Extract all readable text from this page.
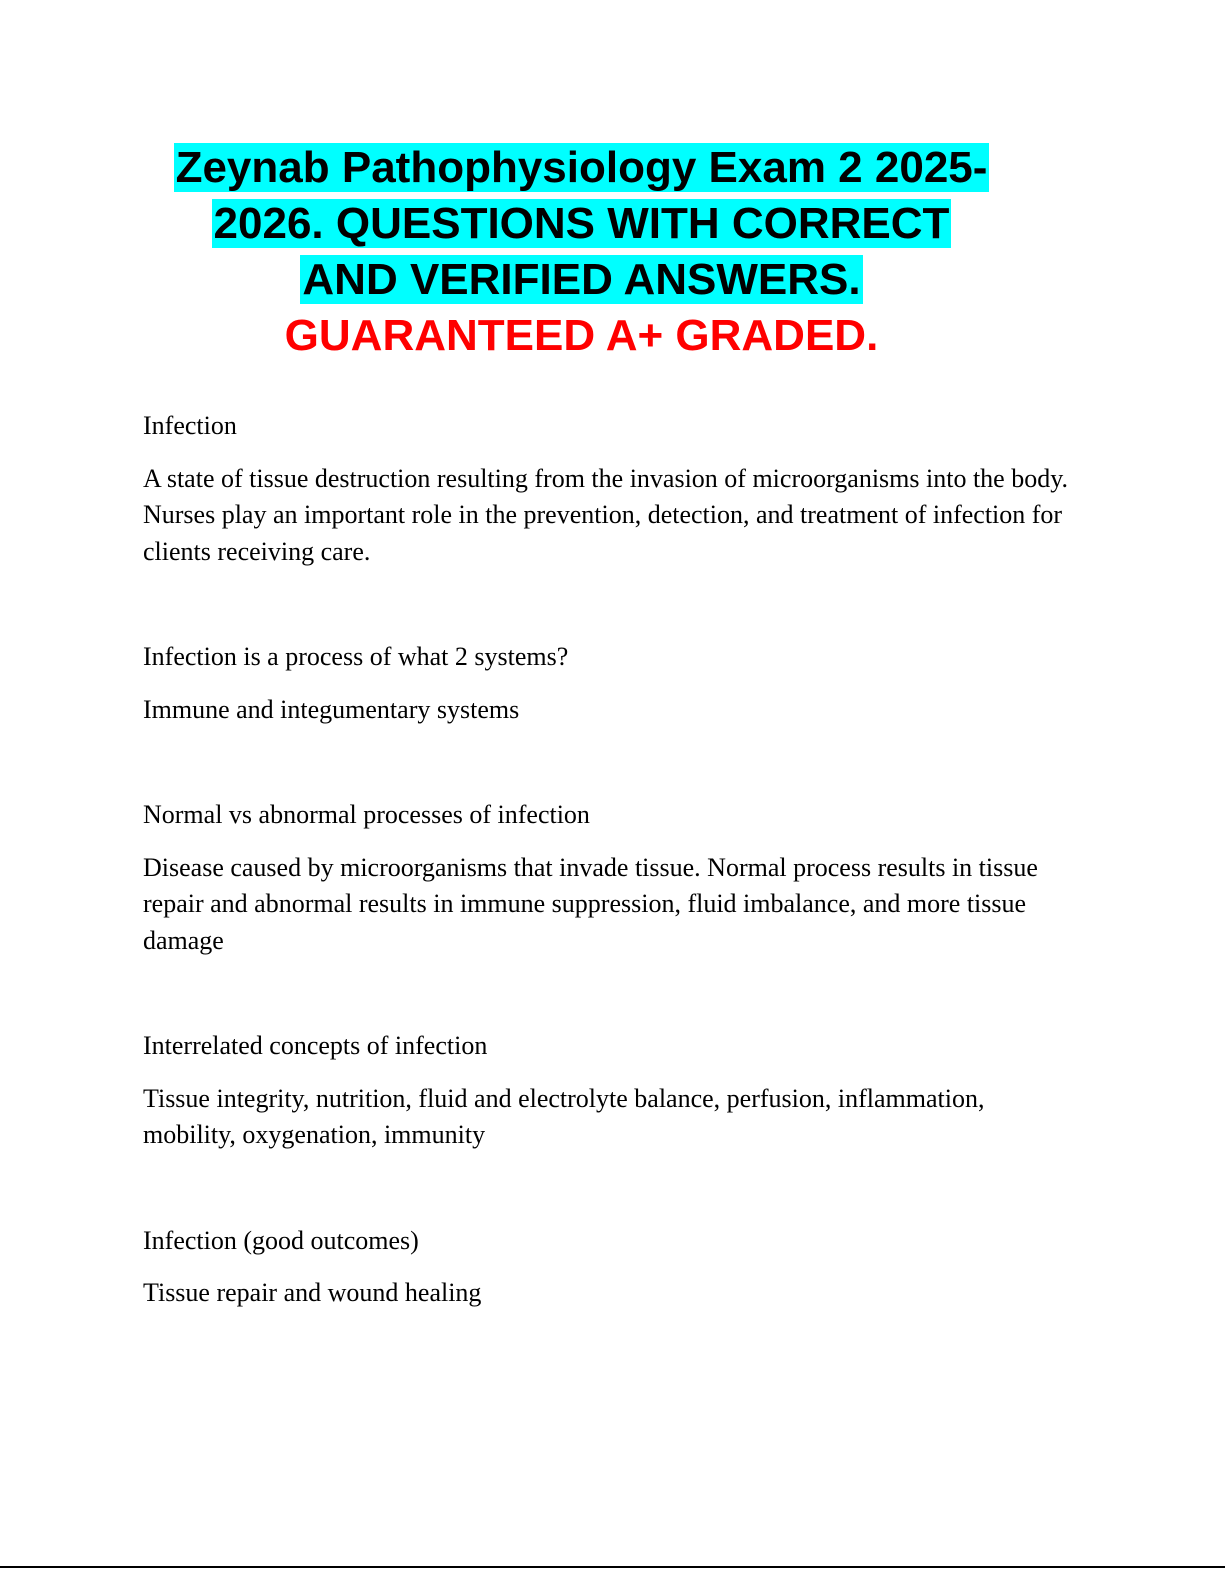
Zeynab Pathophysiology Exam 2 2025-
2026. QUESTIONS WITH CORRECT
AND VERIFIED ANSWERS.
GUARANTEED A+ GRADED.

Infection

A state of tissue destruction resulting from the invasion of microorganisms into the body. Nurses play an important role in the prevention, detection, and treatment of infection for clients receiving care.

Infection is a process of what 2 systems?

Immune and integumentary systems

Normal vs abnormal processes of infection

Disease caused by microorganisms that invade tissue. Normal process results in tissue repair and abnormal results in immune suppression, fluid imbalance, and more tissue damage

Interrelated concepts of infection

Tissue integrity, nutrition, fluid and electrolyte balance, perfusion, inflammation, mobility, oxygenation, immunity

Infection (good outcomes)

Tissue repair and wound healing
